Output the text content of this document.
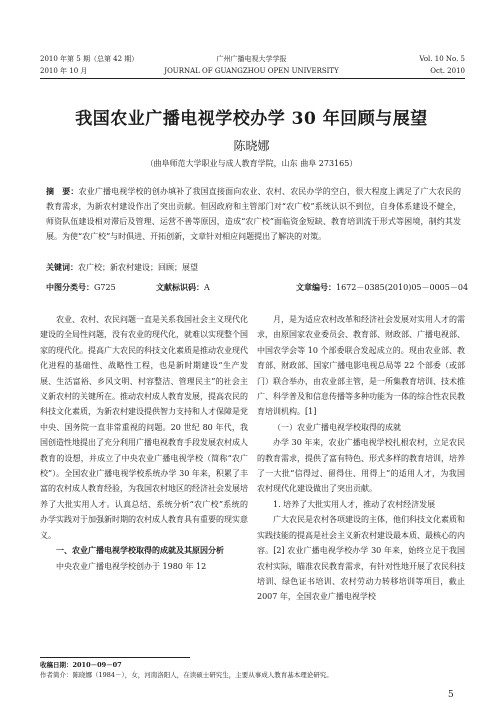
2010 年第 5 期（总第 42 期）
2010 年 10 月
广州广播电视大学学报
JOURNAL OF GUANGZHOU OPEN UNIVERSITY
Vol. 10 No. 5
Oct. 2010
我国农业广播电视学校办学 30 年回顾与展望
陈晓娜
（曲阜师范大学职业与成人教育学院，山东 曲阜 273165）
摘　要：农业广播电视学校的创办填补了我国直接面向农业、农村、农民办学的空白，很大程度上满足了广大农民的教育需求，为新农村建设作出了突出贡献。但因政府和主管部门对“农广校”系统认识不到位，自身体系建设不健全，师资队伍建设相对滞后及管理、运营不善等原因，造成“农广校”面临资金短缺、教育培训流于形式等困境，制约其发展。为使“农广校”与时俱进、开拓创新，文章针对相应问题提出了解决的对策。
关键词：农广校；新农村建设；回顾；展望
中图分类号：G725	文献标识码：A	文章编号：1672－0385(2010)05－0005－04

农业、农村、农民问题一直是关系我国社会主义现代化建设的全局性问题，没有农业的现代化，就难以实现整个国家的现代化。提高广大农民的科技文化素质是推动农业现代化进程的基础性、战略性工程，也是新时期建设“生产发展、生活富裕、乡风文明、村容整洁、管理民主”的社会主义新农村的关键所在。推动农村成人教育发展，提高农民的科技文化素质，为新农村建设提供智力支持和人才保障是党中央、国务院一直非常重视的问题。20 世纪 80 年代，我国创造性地提出了充分利用广播电视教育手段发展农村成人教育的设想，并成立了中央农业广播电视学校（简称“农广校”）。全国农业广播电视学校系统办学 30 年来，积累了丰富的农村成人教育经验，为我国农村地区的经济社会发展培养了大批实用人才。认真总结、系统分析“农广校”系统的办学实践对于加强新时期的农村成人教育具有重要的现实意义。

一、农业广播电视学校取得的成就及其原因分析

中央农业广播电视学校创办于 1980 年 12

月，是为适应农村改革和经济社会发展对实用人才的需求，由原国家农业委员会、教育部、财政部、广播电视部、中国农学会等 10 个部委联合发起成立的。现由农业部、教育部、财政部、国家广播电影电视总局等 22 个部委（或部门）联合举办，由农业部主管，是一所集教育培训、技术推广、科学普及和信息传播等多种功能为一体的综合性农民教育培训机构。[1]

（一）农业广播电视学校取得的成就

办学 30 年来，农业广播电视学校扎根农村，立足农民的教育需求，提供了富有特色、形式多样的教育培训，培养了一大批“信得过、留得住、用得上”的适用人才，为我国农村现代化建设做出了突出贡献。

1. 培养了大批实用人才，推动了农村经济发展

广大农民是农村各项建设的主体，他们科技文化素质和实践技能的提高是社会主义新农村建设最本质、最核心的内容。[2] 农业广播电视学校办学 30 年来，始终立足于我国农村实际，瞄准农民教育需求，有针对性地开展了农民科技培训、绿色证书培训、农村劳动力转移培训等项目，截止 2007 年，全国农业广播电视学校

收稿日期：2010－09－07
作者简介：陈晓娜（1984－），女，河南洛阳人，在读硕士研究生，主要从事成人教育基本理论研究。
5
